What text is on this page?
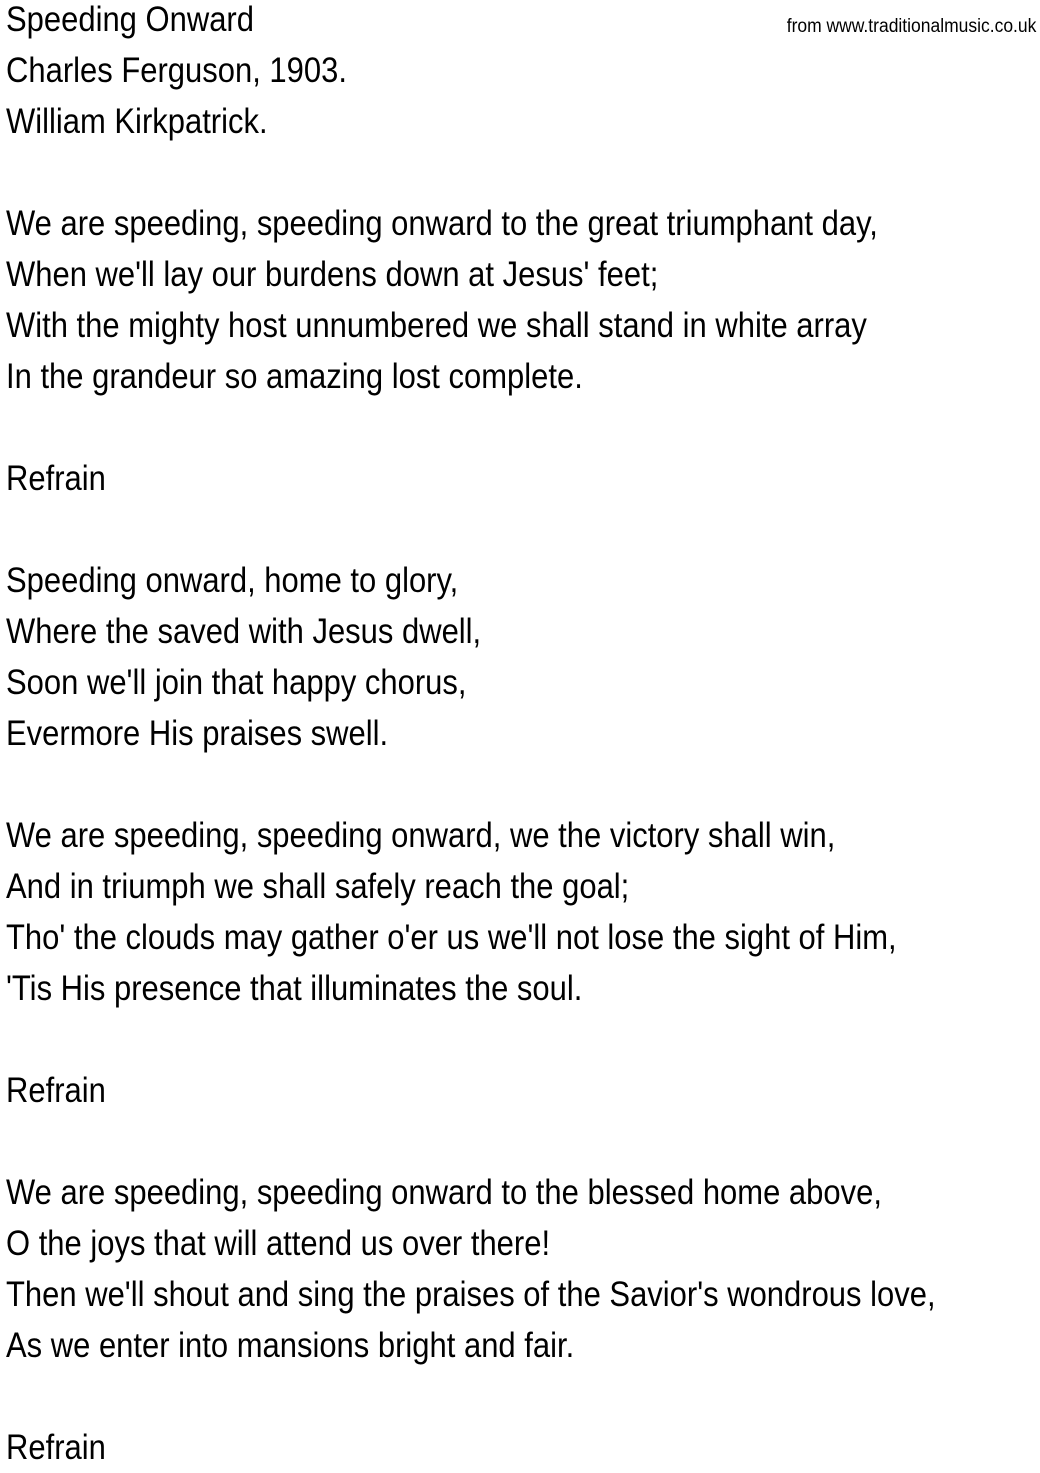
from www.traditionalmusic.co.uk
Speeding Onward
Charles Ferguson, 1903.
William Kirkpatrick.
We are speeding, speeding onward to the great triumphant day,
When we'll lay our burdens down at Jesus' feet;
With the mighty host unnumbered we shall stand in white array
In the grandeur so amazing lost complete.
Refrain
Speeding onward, home to glory,
Where the saved with Jesus dwell,
Soon we'll join that happy chorus,
Evermore His praises swell.
We are speeding, speeding onward, we the victory shall win,
And in triumph we shall safely reach the goal;
Tho' the clouds may gather o'er us we'll not lose the sight of Him,
'Tis His presence that illuminates the soul.
Refrain
We are speeding, speeding onward to the blessed home above,
O the joys that will attend us over there!
Then we'll shout and sing the praises of the Savior's wondrous love,
As we enter into mansions bright and fair.
Refrain
